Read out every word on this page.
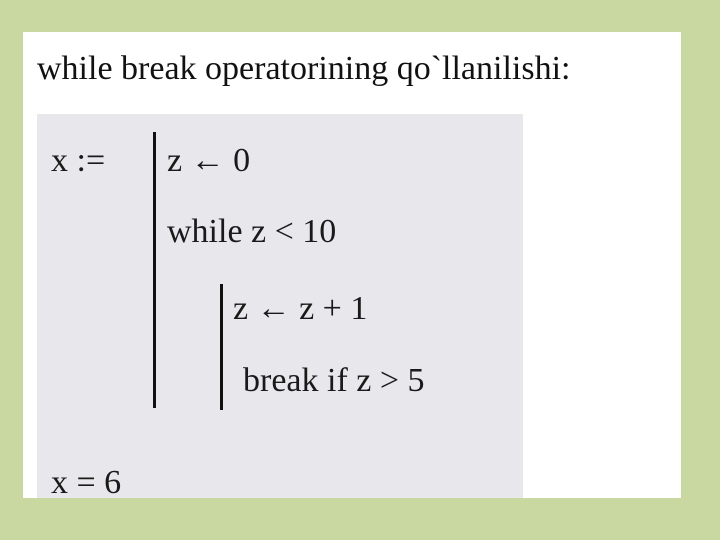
while break operatorining qo`llanilishi:
x := z ← 0
while z < 10
z ← z + 1
break if z > 5
x = 6
